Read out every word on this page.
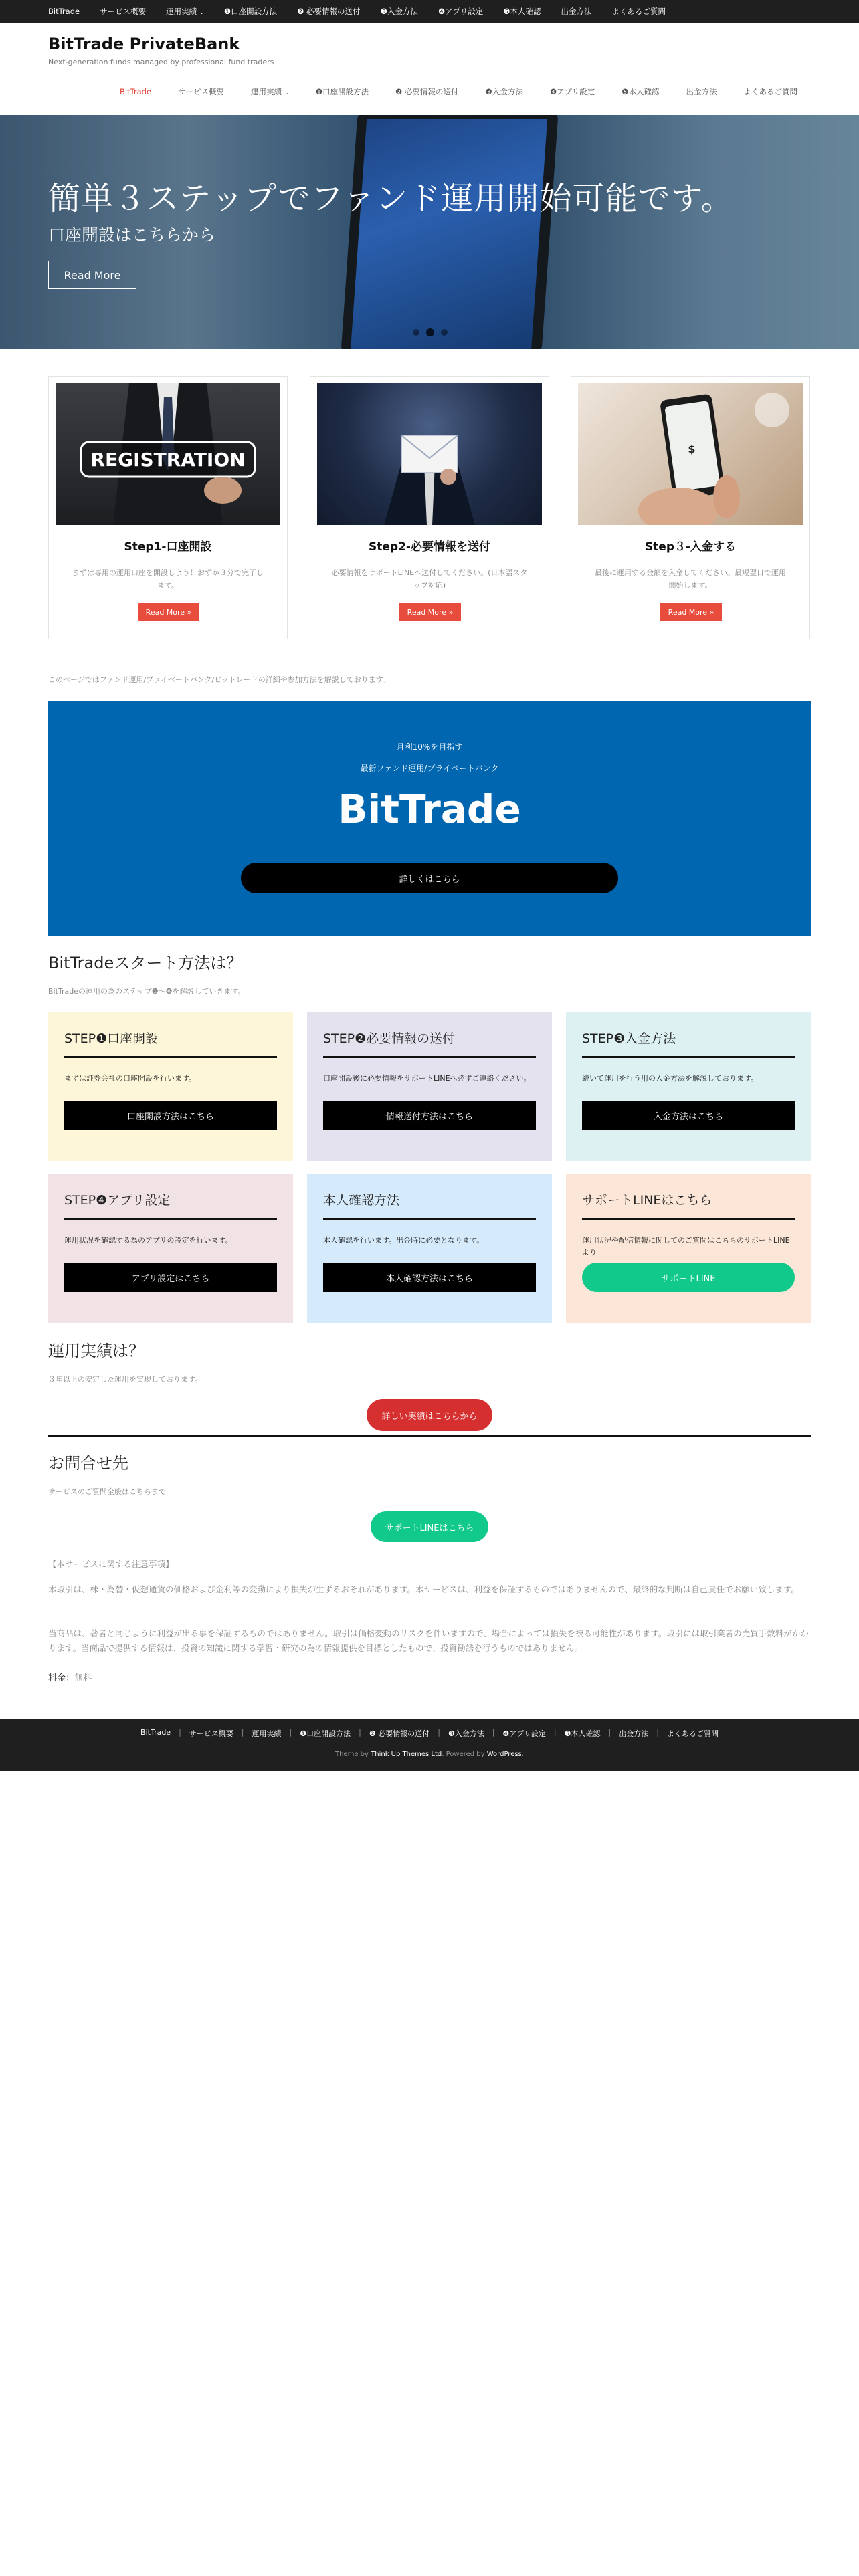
BitTrade	サービス概要	運用実績 ⌄	❶口座開設方法	❷ 必要情報の送付	❸入金方法	❹アプリ設定	❺本人確認	出金方法	よくあるご質問
BitTrade PrivateBank
Next-generation funds managed by professional fund traders
BitTrade	サービス概要	運用実績 ⌄	❶口座開設方法	❷ 必要情報の送付	❸入金方法	❹アプリ設定	❺本人確認	出金方法	よくあるご質問
簡単３ステップでファンド運用開始可能です。
口座開設はこちらから
Read More
REGISTRATION
Step1-口座開設

まずは専用の運用口座を開設しよう！おずか３分で完了します。

Read More »
Step2-必要情報を送付

必要情報をサポートLINEへ送付してください。(日本語スタッフ対応)

Read More »
$
Step３-入金する

最後に運用する金額を入金してください。最短翌日で運用開始します。

Read More »
このページではファンド運用/プライベートバンク/ビットレードの詳細や参加方法を解説しております。
月利10%を目指す
最新ファンド運用/プライベートバンク
BitTrade
詳しくはこちら
BitTradeスタート方法は？
BitTradeの運用の為のステップ❶〜❻を解説していきます。
STEP❶口座開設

まずは証券会社の口座開設を行います。

口座開設方法はこちら
STEP❷必要情報の送付

口座開設後に必要情報をサポートLINEへ必ずご連絡ください。

情報送付方法はこちら
STEP❸入金方法

続いて運用を行う用の入金方法を解説しております。

入金方法はこちら
STEP❹アプリ設定

運用状況を確認する為のアプリの設定を行います。

アプリ設定はこちら
本人確認方法

本人確認を行います。出金時に必要となります。

本人確認方法はこちら
サポートLINEはこちら

運用状況や配信情報に関してのご質問はこちらのサポートLINEより

サポートLINE
運用実績は？
３年以上の安定した運用を実現しております。
詳しい実績はこちらから
お問合せ先
サービスのご質問全般はこちらまで
サポートLINEはこちら
【本サービスに関する注意事項】
本取引は、株・為替・仮想通貨の価格および金利等の変動により損失が生ずるおそれがあります。本サービスは、利益を保証するものではありませんので、最終的な判断は自己責任でお願い致します。
当商品は、著者と同じように利益が出る事を保証するものではありません。取引は価格変動のリスクを伴いますので、場合によっては損失を被る可能性があります。取引には取引業者の売買手数料がかかります。当商品で提供する情報は、投資の知識に関する学習・研究の為の情報提供を目標としたもので、投資勧誘を行うものではありません。
料金：無料
BitTrade | サービス概要 | 運用実績 | ❶口座開設方法 | ❷ 必要情報の送付 | ❸入金方法 | ❹アプリ設定 | ❺本人確認 | 出金方法 | よくあるご質問
Theme by Think Up Themes Ltd. Powered by WordPress.
